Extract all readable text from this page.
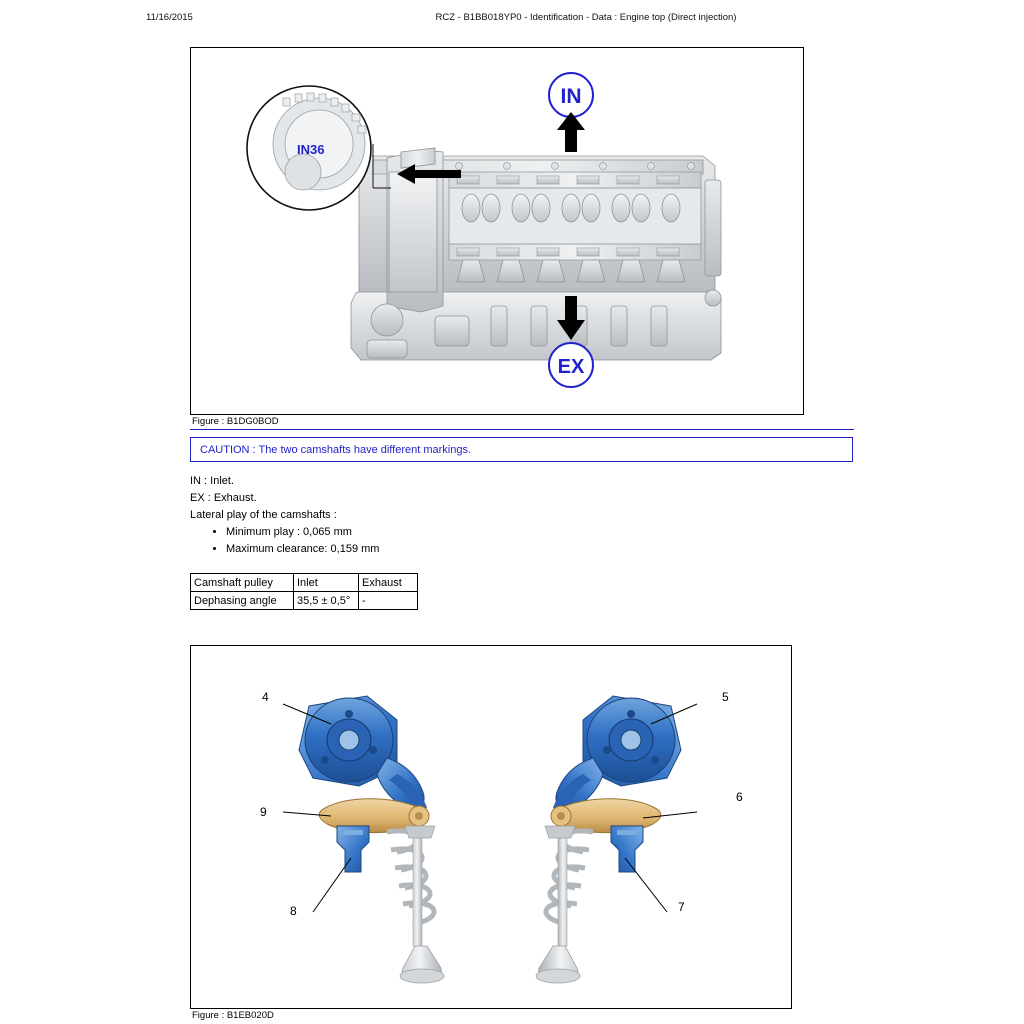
11/16/2015	RCZ - B1BB018YP0 - Identification - Data : Engine top (Direct injection)
IN36
IN
EX
Figure : B1DG0BOD
CAUTION : The two camshafts have different markings.
IN : Inlet.
EX : Exhaust.
Lateral play of the camshafts :
• Minimum play : 0,065 mm
• Maximum clearance: 0,159 mm
Camshaft pulley	Inlet	Exhaust
Dephasing angle	35,5 ± 0,5°	-
4	5
9
6
8	7
Figure : B1EB020D
